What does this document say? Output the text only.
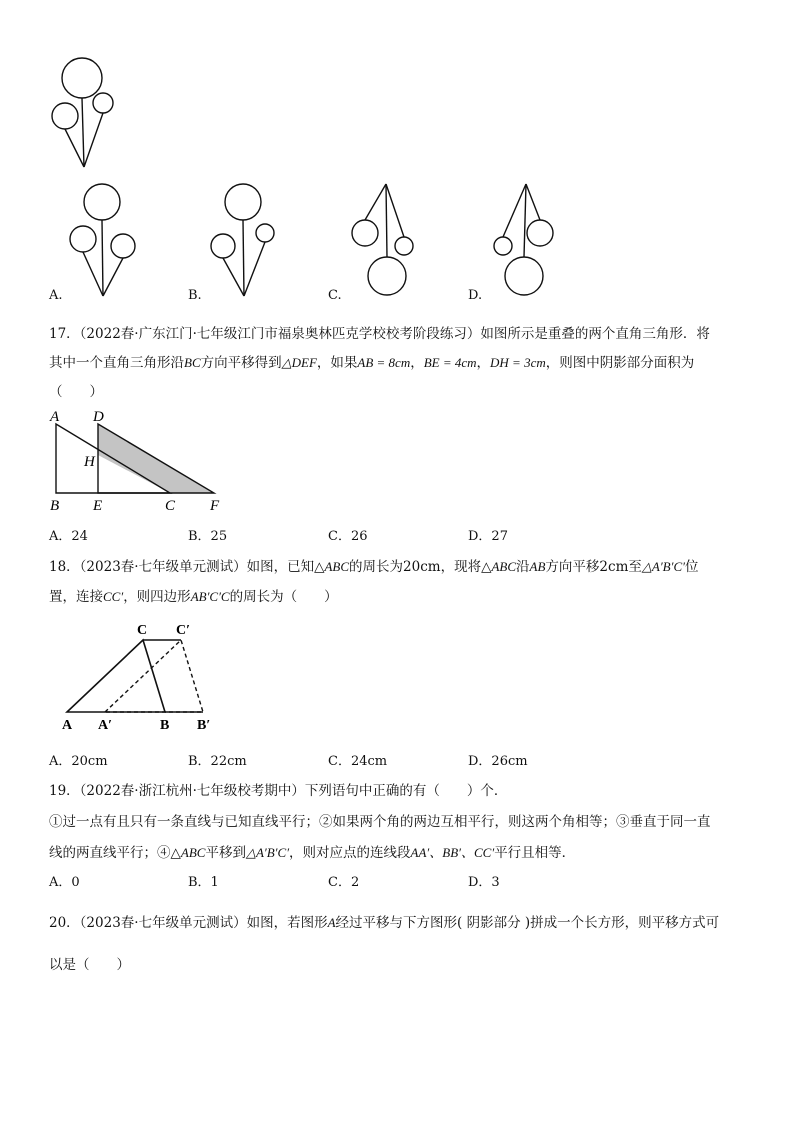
A.	B.	C.	D.
17．（2022春·广东江门·七年级江门市福泉奥林匹克学校校考阶段练习）如图所示是重叠的两个直角三角形．将
其中一个直角三角形沿BC方向平移得到△DEF，如果AB = 8cm，BE = 4cm，DH = 3cm，则图中阴影部分面积为
（　　）
A D
H
B E	C F
A．24	B．25	C．26	D．27
18．（2023春·七年级单元测试）如图，已知△ABC的周长为20cm，现将△ABC沿AB方向平移2cm至△A′B′C′位
置，连接CC′，则四边形AB′C′C的周长为（　　）
C C′
A A′	B B′
A．20cm	B．22cm	C．24cm	D．26cm
19．（2022春·浙江杭州·七年级校考期中）下列语句中正确的有（　　）个．
①过一点有且只有一条直线与已知直线平行；②如果两个角的两边互相平行，则这两个角相等；③垂直于同一直
线的两直线平行；④△ABC平移到△A′B′C′，则对应点的连线段AA′、BB′、CC′平行且相等．
A．0	B．1	C．2	D．3
20．（2023春·七年级单元测试）如图，若图形A经过平移与下方图形( 阴影部分 )拼成一个长方形，则平移方式可
以是（　　）
